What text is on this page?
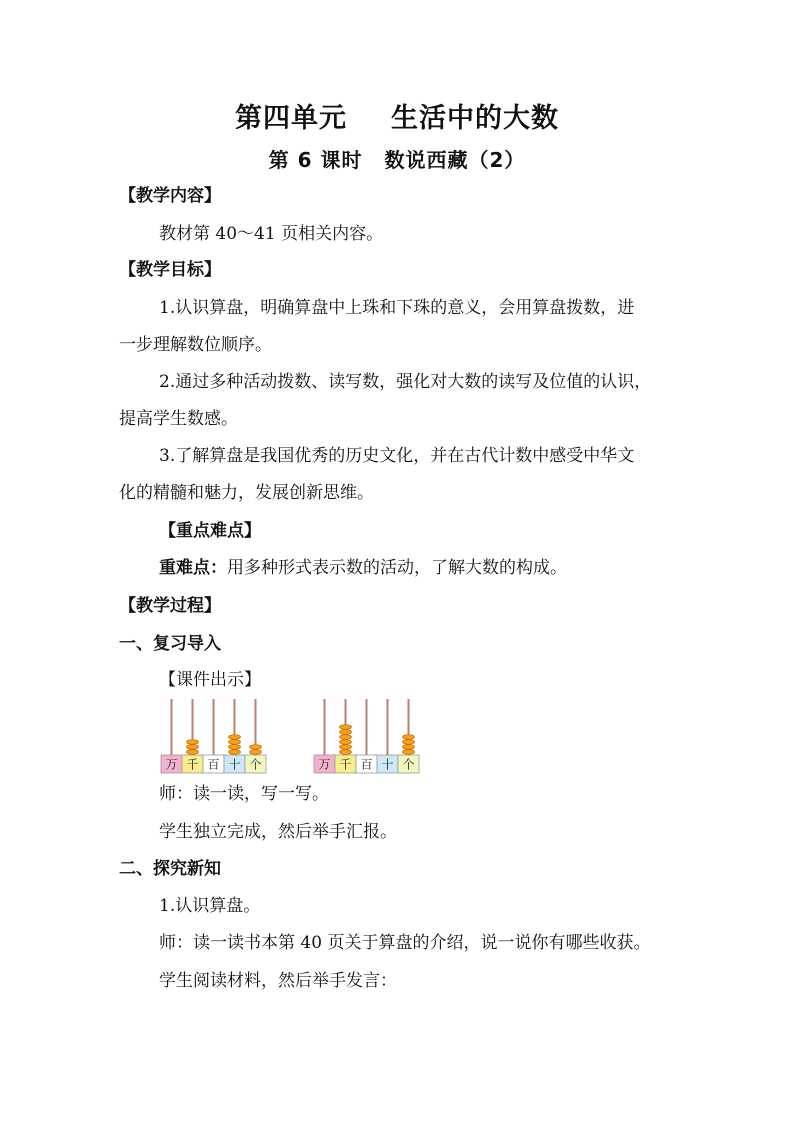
第四单元 生活中的大数
第 6 课时 数说西藏（2）
【教学内容】
教材第 40～41 页相关内容。
【教学目标】
1.认识算盘，明确算盘中上珠和下珠的意义，会用算盘拨数，进
一步理解数位顺序。
2.通过多种活动拨数、读写数，强化对大数的读写及位值的认识，
提高学生数感。
3.了解算盘是我国优秀的历史文化，并在古代计数中感受中华文
化的精髓和魅力，发展创新思维。
【重点难点】
重难点：用多种形式表示数的活动，了解大数的构成。
【教学过程】
一、复习导入
【课件出示】
万 千 百 十 个	万 千 百 十 个
师：读一读，写一写。
学生独立完成，然后举手汇报。
二、探究新知
1.认识算盘。
师：读一读书本第 40 页关于算盘的介绍，说一说你有哪些收获。
学生阅读材料，然后举手发言：
